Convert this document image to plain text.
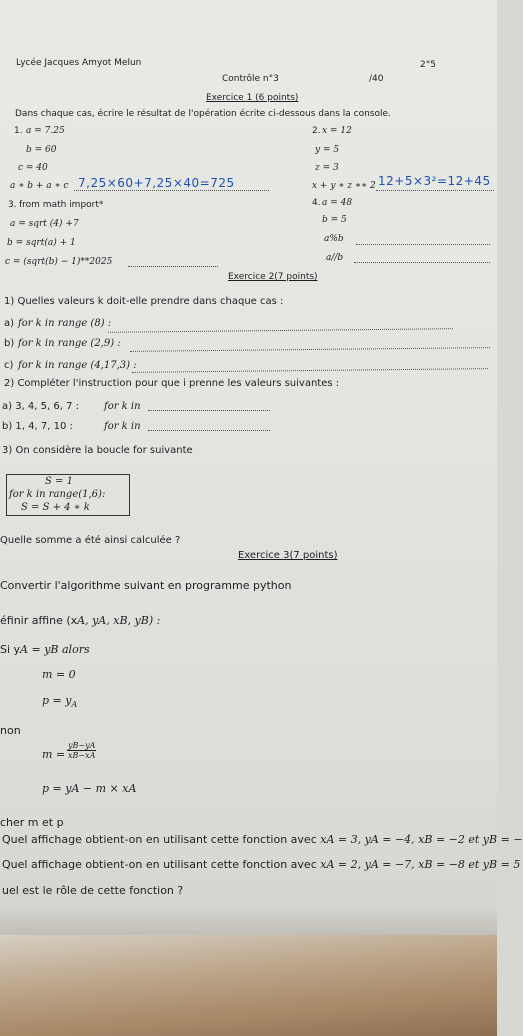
Lycée Jacques Amyot Melun	2°5
Contrôle n°3	/40
Exercice 1 (6 points)
Dans chaque cas, écrire le résultat de l'opération écrite ci-dessous dans la console.
1. a = 7.25
b = 60
c = 40
a ∗ b + a ∗ c 7,25×60+7,25×40=725
2. x = 12
y = 5
z = 3
x + y ∗ z ∗∗ 2 12+5×3²=12+45
3. from math import*
a = sqrt (4) +7
b = sqrt(a) + 1
c = (sqrt(b) − 1)**2025
4. a = 48
b = 5
a%b
a//b
Exercice 2(7 points)
1) Quelles valeurs k doit-elle prendre dans chaque cas :
a) for k in range (8) :
b) for k in range (2,9) :
c) for k in range (4,17,3) :
2) Compléter l'instruction pour que i prenne les valeurs suivantes :
a) 3, 4, 5, 6, 7 :	for k in
b) 1, 4, 7, 10 :	for k in
3) On considère la boucle for suivante
S = 1
for k in range(1,6):
S = S + 4 ∗ k
Quelle somme a été ainsi calculée ?
Exercice 3(7 points)
Convertir l'algorithme suivant en programme python
éfinir affine (xA, yA, xB, yB) :
Si yA = yB alors
m = 0
$p = y_A$
non
$m = \frac{yB-yA}{xB-xA}$
p = yA − m × xA
cher m et p
Quel affichage obtient-on en utilisant cette fonction avec xA = 3, yA = −4, xB = −2 et yB = −
Quel affichage obtient-on en utilisant cette fonction avec xA = 2, yA = −7, xB = −8 et yB = 5
uel est le rôle de cette fonction ?
